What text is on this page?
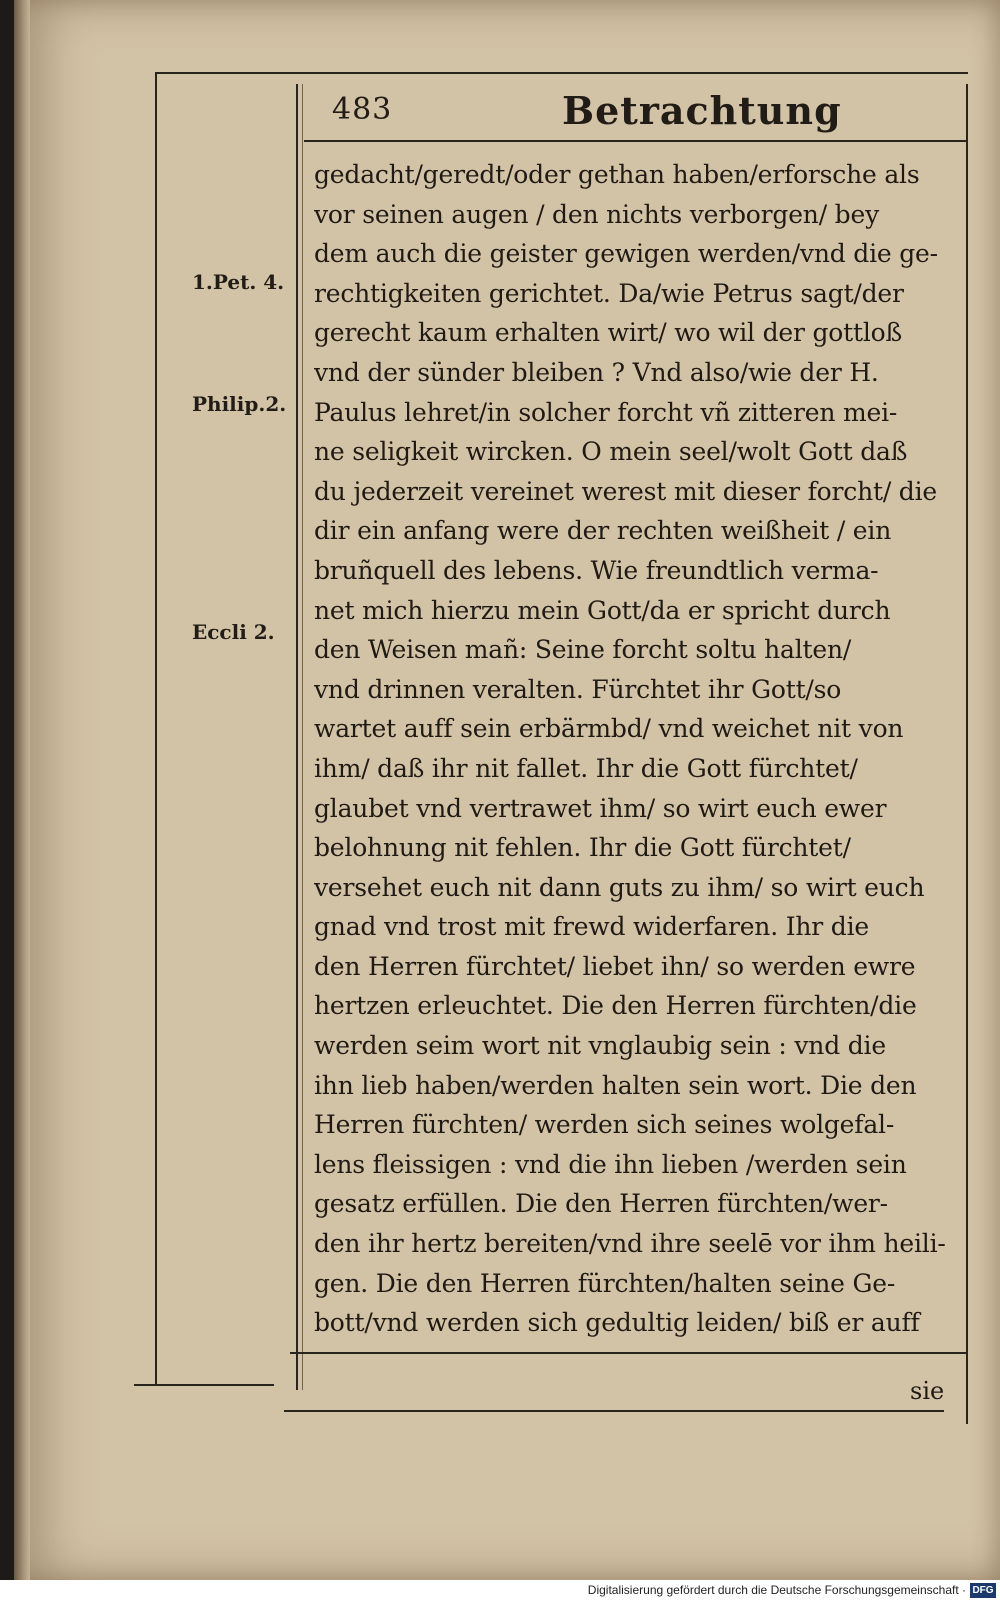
483	Betrachtung
1.Pet. 4.
Philip.2.
Eccli 2.
gedacht/geredt/oder gethan haben/erforsche als
vor seinen augen / den nichts verborgen/ bey
dem auch die geister gewigen werden/vnd die ge-
rechtigkeiten gerichtet. Da/wie Petrus sagt/der
gerecht kaum erhalten wirt/ wo wil der gottloß
vnd der sünder bleiben ? Vnd also/wie der H.
Paulus lehret/in solcher forcht vñ zitteren mei-
ne seligkeit wircken. O mein seel/wolt Gott daß
du jederzeit vereinet werest mit dieser forcht/ die
dir ein anfang were der rechten weißheit / ein
bruñquell des lebens. Wie freundtlich verma-
net mich hierzu mein Gott/da er spricht durch
den Weisen mañ: Seine forcht soltu halten/
vnd drinnen veralten. Fürchtet ihr Gott/so
wartet auff sein erbärmbd/ vnd weichet nit von
ihm/ daß ihr nit fallet. Ihr die Gott fürchtet/
glaubet vnd vertrawet ihm/ so wirt euch ewer
belohnung nit fehlen. Ihr die Gott fürchtet/
versehet euch nit dann guts zu ihm/ so wirt euch
gnad vnd trost mit frewd widerfaren. Ihr die
den Herren fürchtet/ liebet ihn/ so werden ewre
hertzen erleuchtet. Die den Herren fürchten/die
werden seim wort nit vnglaubig sein : vnd die
ihn lieb haben/werden halten sein wort. Die den
Herren fürchten/ werden sich seines wolgefal-
lens fleissigen : vnd die ihn lieben /werden sein
gesatz erfüllen. Die den Herren fürchten/wer-
den ihr hertz bereiten/vnd ihre seelē vor ihm heili-
gen. Die den Herren fürchten/halten seine Ge-
bott/vnd werden sich gedultig leiden/ biß er auff
sie
Digitalisierung gefördert durch die Deutsche Forschungsgemeinschaft · DFG
